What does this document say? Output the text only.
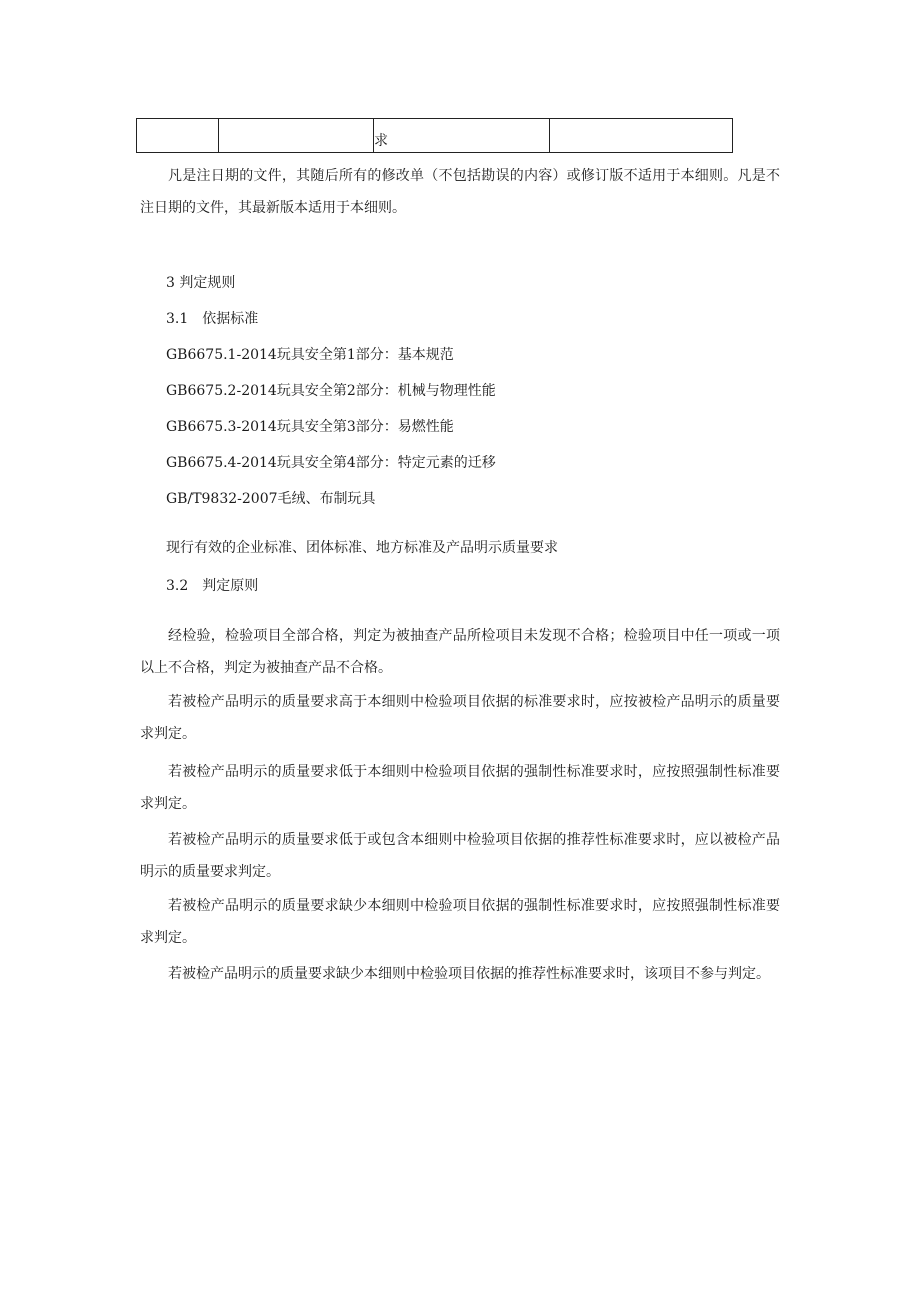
		求	
凡是注日期的文件，其随后所有的修改单（不包括勘误的内容）或修订版不适用于本细则。凡是不注日期的文件，其最新版本适用于本细则。
3 判定规则
3.1　依据标准
GB6675.1-2014玩具安全第1部分：基本规范
GB6675.2-2014玩具安全第2部分：机械与物理性能
GB6675.3-2014玩具安全第3部分：易燃性能
GB6675.4-2014玩具安全第4部分：特定元素的迁移
GB/T9832-2007毛绒、布制玩具
现行有效的企业标准、团体标准、地方标准及产品明示质量要求
3.2　判定原则
经检验，检验项目全部合格，判定为被抽查产品所检项目未发现不合格；检验项目中任一项或一项以上不合格，判定为被抽查产品不合格。
若被检产品明示的质量要求高于本细则中检验项目依据的标准要求时，应按被检产品明示的质量要求判定。
若被检产品明示的质量要求低于本细则中检验项目依据的强制性标准要求时，应按照强制性标准要求判定。
若被检产品明示的质量要求低于或包含本细则中检验项目依据的推荐性标准要求时，应以被检产品明示的质量要求判定。
若被检产品明示的质量要求缺少本细则中检验项目依据的强制性标准要求时，应按照强制性标准要求判定。
若被检产品明示的质量要求缺少本细则中检验项目依据的推荐性标准要求时，该项目不参与判定。
